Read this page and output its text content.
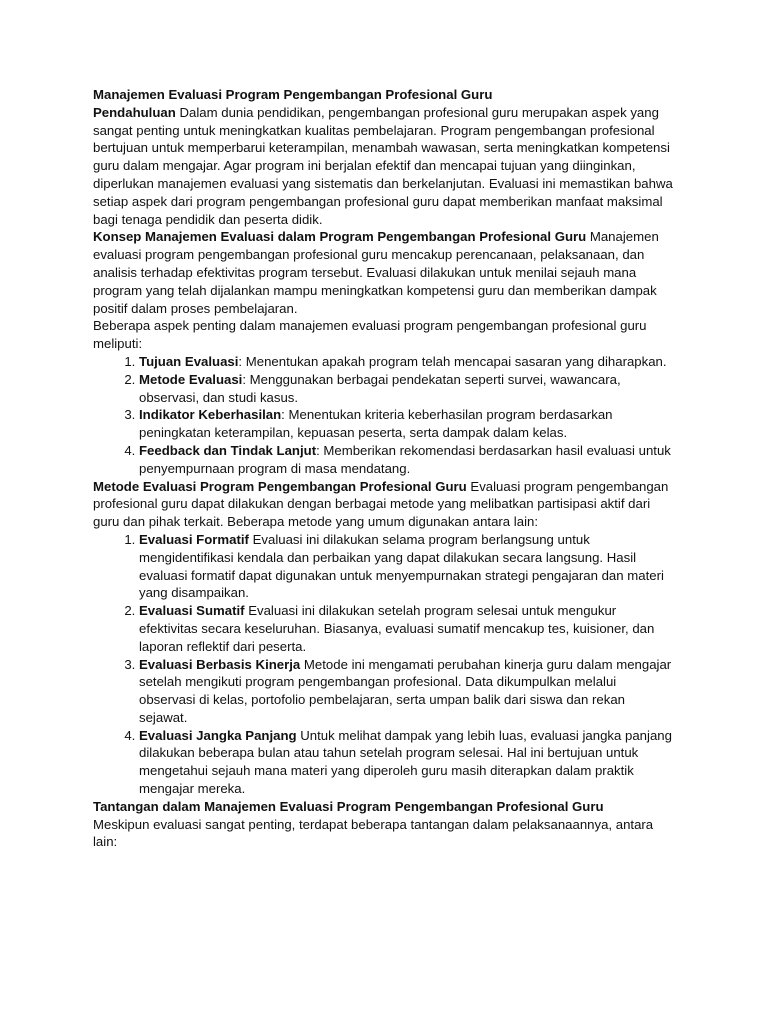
Manajemen Evaluasi Program Pengembangan Profesional Guru

Pendahuluan Dalam dunia pendidikan, pengembangan profesional guru merupakan aspek yang sangat penting untuk meningkatkan kualitas pembelajaran. Program pengembangan profesional bertujuan untuk memperbarui keterampilan, menambah wawasan, serta meningkatkan kompetensi guru dalam mengajar. Agar program ini berjalan efektif dan mencapai tujuan yang diinginkan, diperlukan manajemen evaluasi yang sistematis dan berkelanjutan. Evaluasi ini memastikan bahwa setiap aspek dari program pengembangan profesional guru dapat memberikan manfaat maksimal bagi tenaga pendidik dan peserta didik.

Konsep Manajemen Evaluasi dalam Program Pengembangan Profesional Guru Manajemen evaluasi program pengembangan profesional guru mencakup perencanaan, pelaksanaan, dan analisis terhadap efektivitas program tersebut. Evaluasi dilakukan untuk menilai sejauh mana program yang telah dijalankan mampu meningkatkan kompetensi guru dan memberikan dampak positif dalam proses pembelajaran.

Beberapa aspek penting dalam manajemen evaluasi program pengembangan profesional guru meliputi:

1. Tujuan Evaluasi: Menentukan apakah program telah mencapai sasaran yang diharapkan.
2. Metode Evaluasi: Menggunakan berbagai pendekatan seperti survei, wawancara, observasi, dan studi kasus.
3. Indikator Keberhasilan: Menentukan kriteria keberhasilan program berdasarkan peningkatan keterampilan, kepuasan peserta, serta dampak dalam kelas.
4. Feedback dan Tindak Lanjut: Memberikan rekomendasi berdasarkan hasil evaluasi untuk penyempurnaan program di masa mendatang.

Metode Evaluasi Program Pengembangan Profesional Guru Evaluasi program pengembangan profesional guru dapat dilakukan dengan berbagai metode yang melibatkan partisipasi aktif dari guru dan pihak terkait. Beberapa metode yang umum digunakan antara lain:

1. Evaluasi Formatif Evaluasi ini dilakukan selama program berlangsung untuk mengidentifikasi kendala dan perbaikan yang dapat dilakukan secara langsung. Hasil evaluasi formatif dapat digunakan untuk menyempurnakan strategi pengajaran dan materi yang disampaikan.
2. Evaluasi Sumatif Evaluasi ini dilakukan setelah program selesai untuk mengukur efektivitas secara keseluruhan. Biasanya, evaluasi sumatif mencakup tes, kuisioner, dan laporan reflektif dari peserta.
3. Evaluasi Berbasis Kinerja Metode ini mengamati perubahan kinerja guru dalam mengajar setelah mengikuti program pengembangan profesional. Data dikumpulkan melalui observasi di kelas, portofolio pembelajaran, serta umpan balik dari siswa dan rekan sejawat.
4. Evaluasi Jangka Panjang Untuk melihat dampak yang lebih luas, evaluasi jangka panjang dilakukan beberapa bulan atau tahun setelah program selesai. Hal ini bertujuan untuk mengetahui sejauh mana materi yang diperoleh guru masih diterapkan dalam praktik mengajar mereka.

Tantangan dalam Manajemen Evaluasi Program Pengembangan Profesional Guru

Meskipun evaluasi sangat penting, terdapat beberapa tantangan dalam pelaksanaannya, antara lain:
